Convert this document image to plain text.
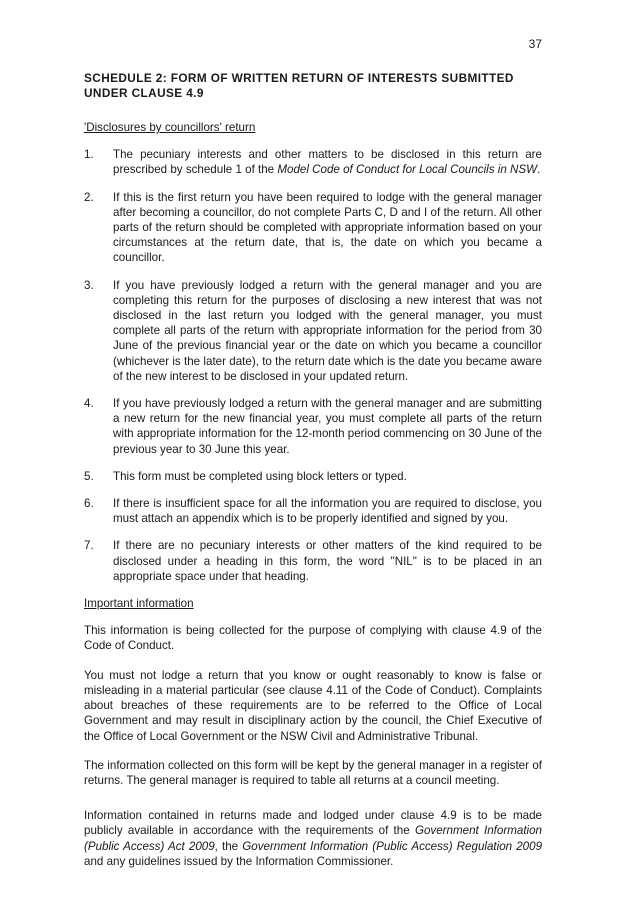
37
SCHEDULE 2: FORM OF WRITTEN RETURN OF INTERESTS SUBMITTED
UNDER CLAUSE 4.9
'Disclosures by councillors' return
1.	The pecuniary interests and other matters to be disclosed in this return are prescribed by schedule 1 of the Model Code of Conduct for Local Councils in NSW.
2.	If this is the first return you have been required to lodge with the general manager after becoming a councillor, do not complete Parts C, D and I of the return. All other parts of the return should be completed with appropriate information based on your circumstances at the return date, that is, the date on which you became a councillor.
3.	If you have previously lodged a return with the general manager and you are completing this return for the purposes of disclosing a new interest that was not disclosed in the last return you lodged with the general manager, you must complete all parts of the return with appropriate information for the period from 30 June of the previous financial year or the date on which you became a councillor (whichever is the later date), to the return date which is the date you became aware of the new interest to be disclosed in your updated return.
4.	If you have previously lodged a return with the general manager and are submitting a new return for the new financial year, you must complete all parts of the return with appropriate information for the 12-month period commencing on 30 June of the previous year to 30 June this year.
5.	This form must be completed using block letters or typed.
6.	If there is insufficient space for all the information you are required to disclose, you must attach an appendix which is to be properly identified and signed by you.
7.	If there are no pecuniary interests or other matters of the kind required to be disclosed under a heading in this form, the word "NIL" is to be placed in an appropriate space under that heading.
Important information

This information is being collected for the purpose of complying with clause 4.9 of the Code of Conduct.

You must not lodge a return that you know or ought reasonably to know is false or misleading in a material particular (see clause 4.11 of the Code of Conduct). Complaints about breaches of these requirements are to be referred to the Office of Local Government and may result in disciplinary action by the council, the Chief Executive of the Office of Local Government or the NSW Civil and Administrative Tribunal.

The information collected on this form will be kept by the general manager in a register of returns. The general manager is required to table all returns at a council meeting.

Information contained in returns made and lodged under clause 4.9 is to be made publicly available in accordance with the requirements of the Government Information (Public Access) Act 2009, the Government Information (Public Access) Regulation 2009 and any guidelines issued by the Information Commissioner.
